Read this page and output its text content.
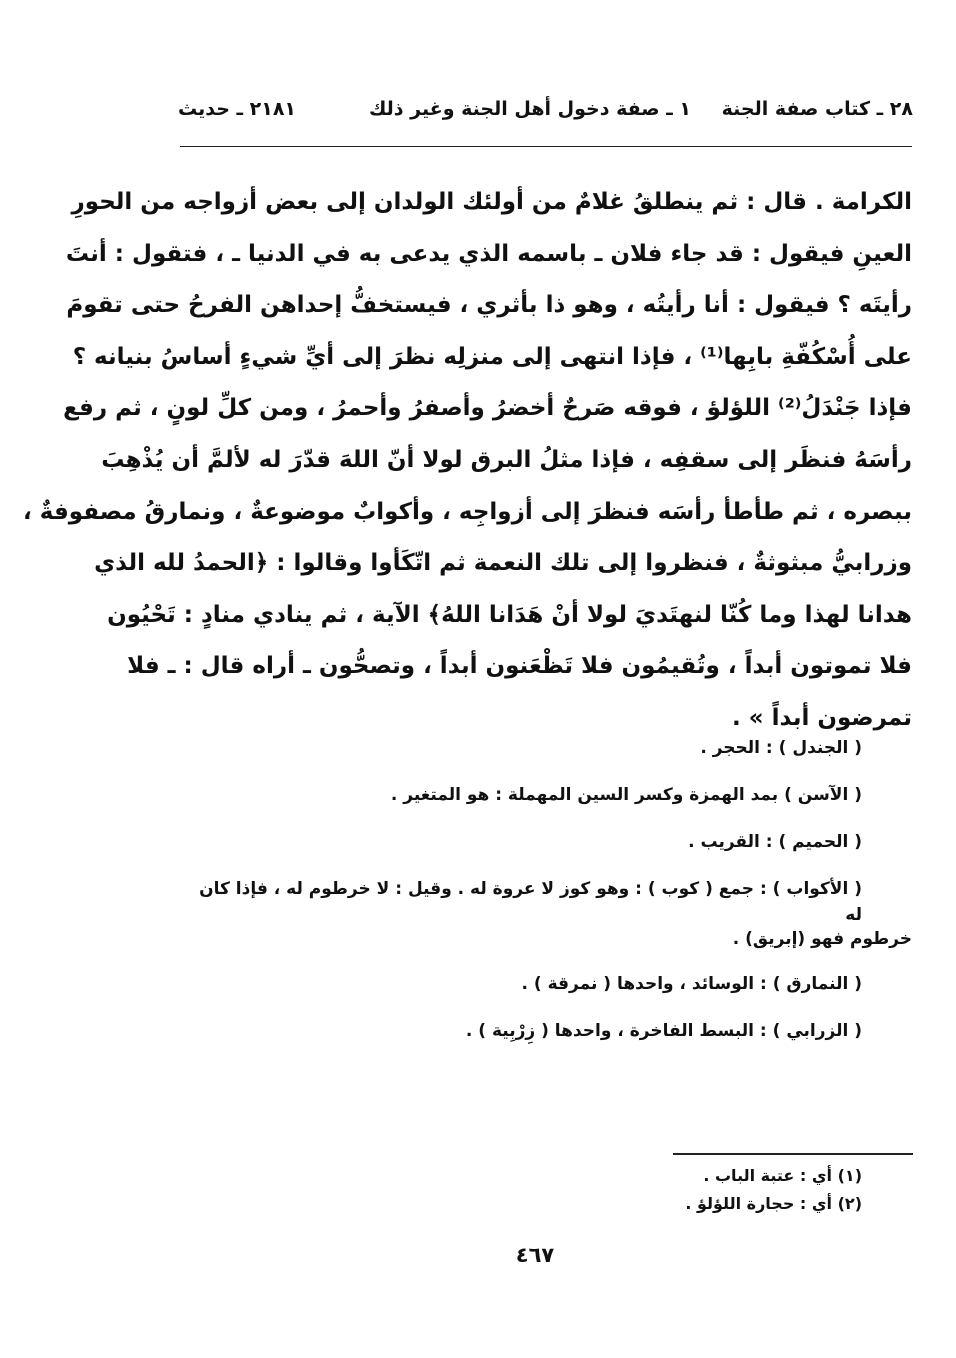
٢٨ ـ كتاب صفة الجنة
١ ـ صفة دخول أهل الجنة وغير ذلك
٢١٨١ ـ حديث
الكرامة . قال : ثم ينطلقُ غلامٌ من أولئك الولدان إلى بعض أزواجه من الحورِ
العينِ فيقول : قد جاء فلان ـ باسمه الذي يدعى به في الدنيا ـ ، فتقول : أنتَ
رأيتَه ؟ فيقول : أنا رأيتُه ، وهو ذا بأثري ، فيستخفُّ إحداهن الفرحُ حتى تقومَ
على أُسْكُفّةِ بابِها⁽¹⁾ ، فإذا انتهى إلى منزلِه نظرَ إلى أيِّ شيءٍ أساسُ بنيانه ؟
فإذا جَنْدَلُ⁽²⁾ اللؤلؤ ، فوقه صَرحٌ أخضرُ وأصفرُ وأحمرُ ، ومن كلِّ لونٍ ، ثم رفع
رأسَهُ فنظَر إلى سقفِه ، فإذا مثلُ البرق لولا أنّ اللهَ قدّرَ له لألمَّ أن يُذْهِبَ
ببصره ، ثم طأطأ رأسَه فنظرَ إلى أزواجِه ، وأكوابٌ موضوعةٌ ، ونمارقُ مصفوفةٌ ،
وزرابيُّ مبثوثةٌ ، فنظروا إلى تلك النعمة ثم اتّكَأوا وقالوا : ﴿الحمدُ لله الذي
هدانا لهذا وما كُنّا لنهتَديَ لولا أنْ هَدَانا اللهُ﴾ الآية ، ثم ينادي منادٍ : تَحْيُون
فلا تموتون أبداً ، وتُقيمُون فلا تَظْعَنون أبداً ، وتصحُّون ـ أراه قال : ـ فلا
تمرضون أبداً » .
( الجندل ) : الحجر .
( الآسن ) بمد الهمزة وكسر السين المهملة : هو المتغير .
( الحميم ) : القريب .
( الأكواب ) : جمع ( كوب ) : وهو كوز لا عروة له . وقيل : لا خرطوم له ، فإذا كان له
خرطوم فهو (إبريق) .
( النمارق ) : الوسائد ، واحدها ( نمرقة ) .
( الزرابي ) : البسط الفاخرة ، واحدها ( زِرْبِية ) .
(١) أي : عتبة الباب .
(٢) أي : حجارة اللؤلؤ .
٤٦٧
